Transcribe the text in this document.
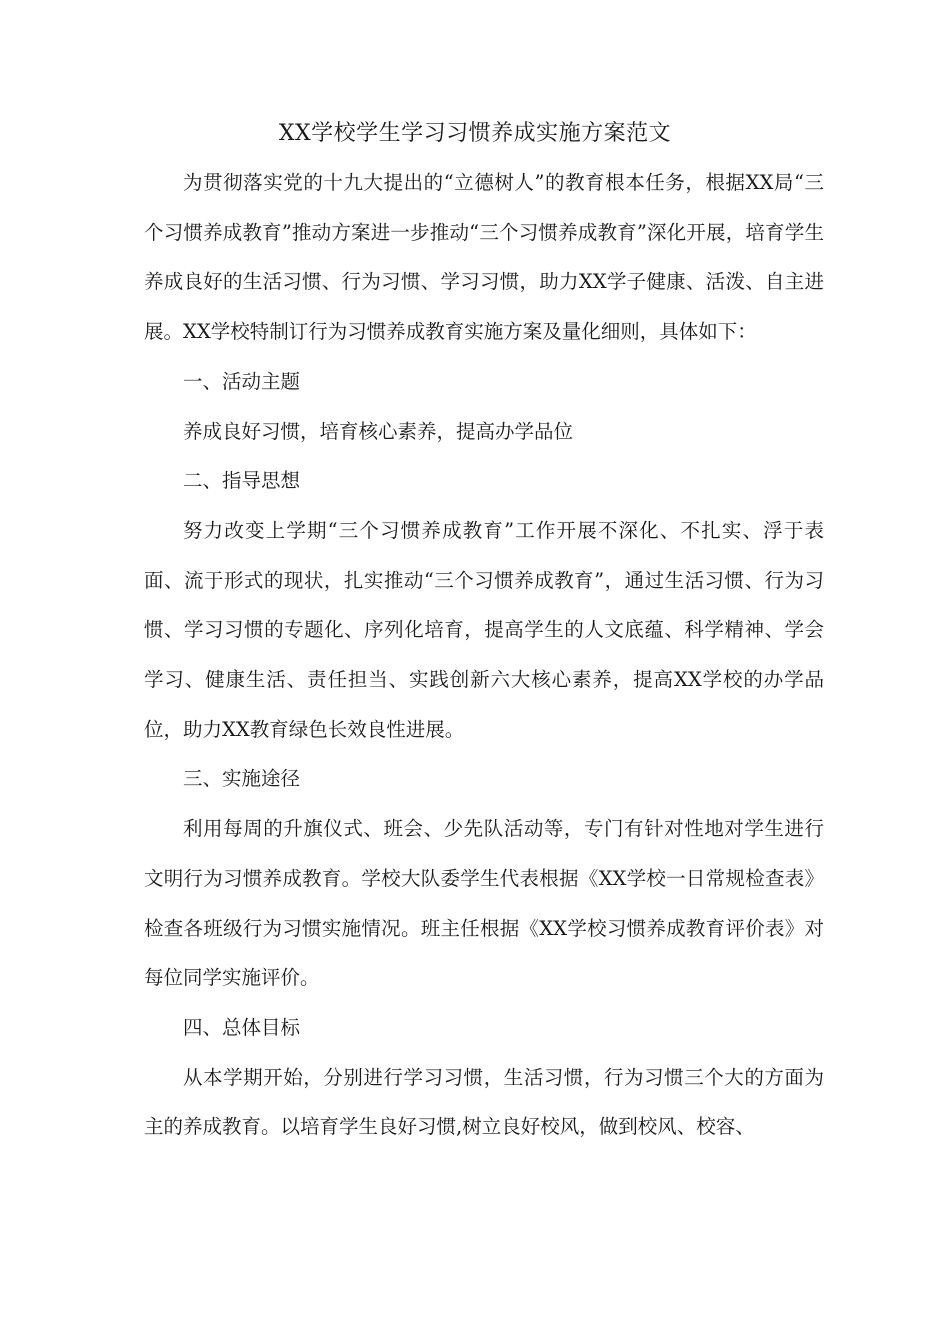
XX学校学生学习习惯养成实施方案范文

为贯彻落实党的十九大提出的“立德树人”的教育根本任务，根据XX局“三个习惯养成教育”推动方案进一步推动“三个习惯养成教育”深化开展，培育学生养成良好的生活习惯、行为习惯、学习习惯，助力XX学子健康、活泼、自主进展。XX学校特制订行为习惯养成教育实施方案及量化细则，具体如下：

一、活动主题

养成良好习惯，培育核心素养，提高办学品位

二、指导思想

努力改变上学期“三个习惯养成教育”工作开展不深化、不扎实、浮于表面、流于形式的现状，扎实推动“三个习惯养成教育”，通过生活习惯、行为习惯、学习习惯的专题化、序列化培育，提高学生的人文底蕴、科学精神、学会学习、健康生活、责任担当、实践创新六大核心素养，提高XX学校的办学品位，助力XX教育绿色长效良性进展。

三、实施途径

利用每周的升旗仪式、班会、少先队活动等，专门有针对性地对学生进行文明行为习惯养成教育。学校大队委学生代表根据《XX学校一日常规检查表》检查各班级行为习惯实施情况。班主任根据《XX学校习惯养成教育评价表》对每位同学实施评价。

四、总体目标

从本学期开始，分别进行学习习惯，生活习惯，行为习惯三个大的方面为主的养成教育。以培育学生良好习惯,树立良好校风，做到校风、校容、
